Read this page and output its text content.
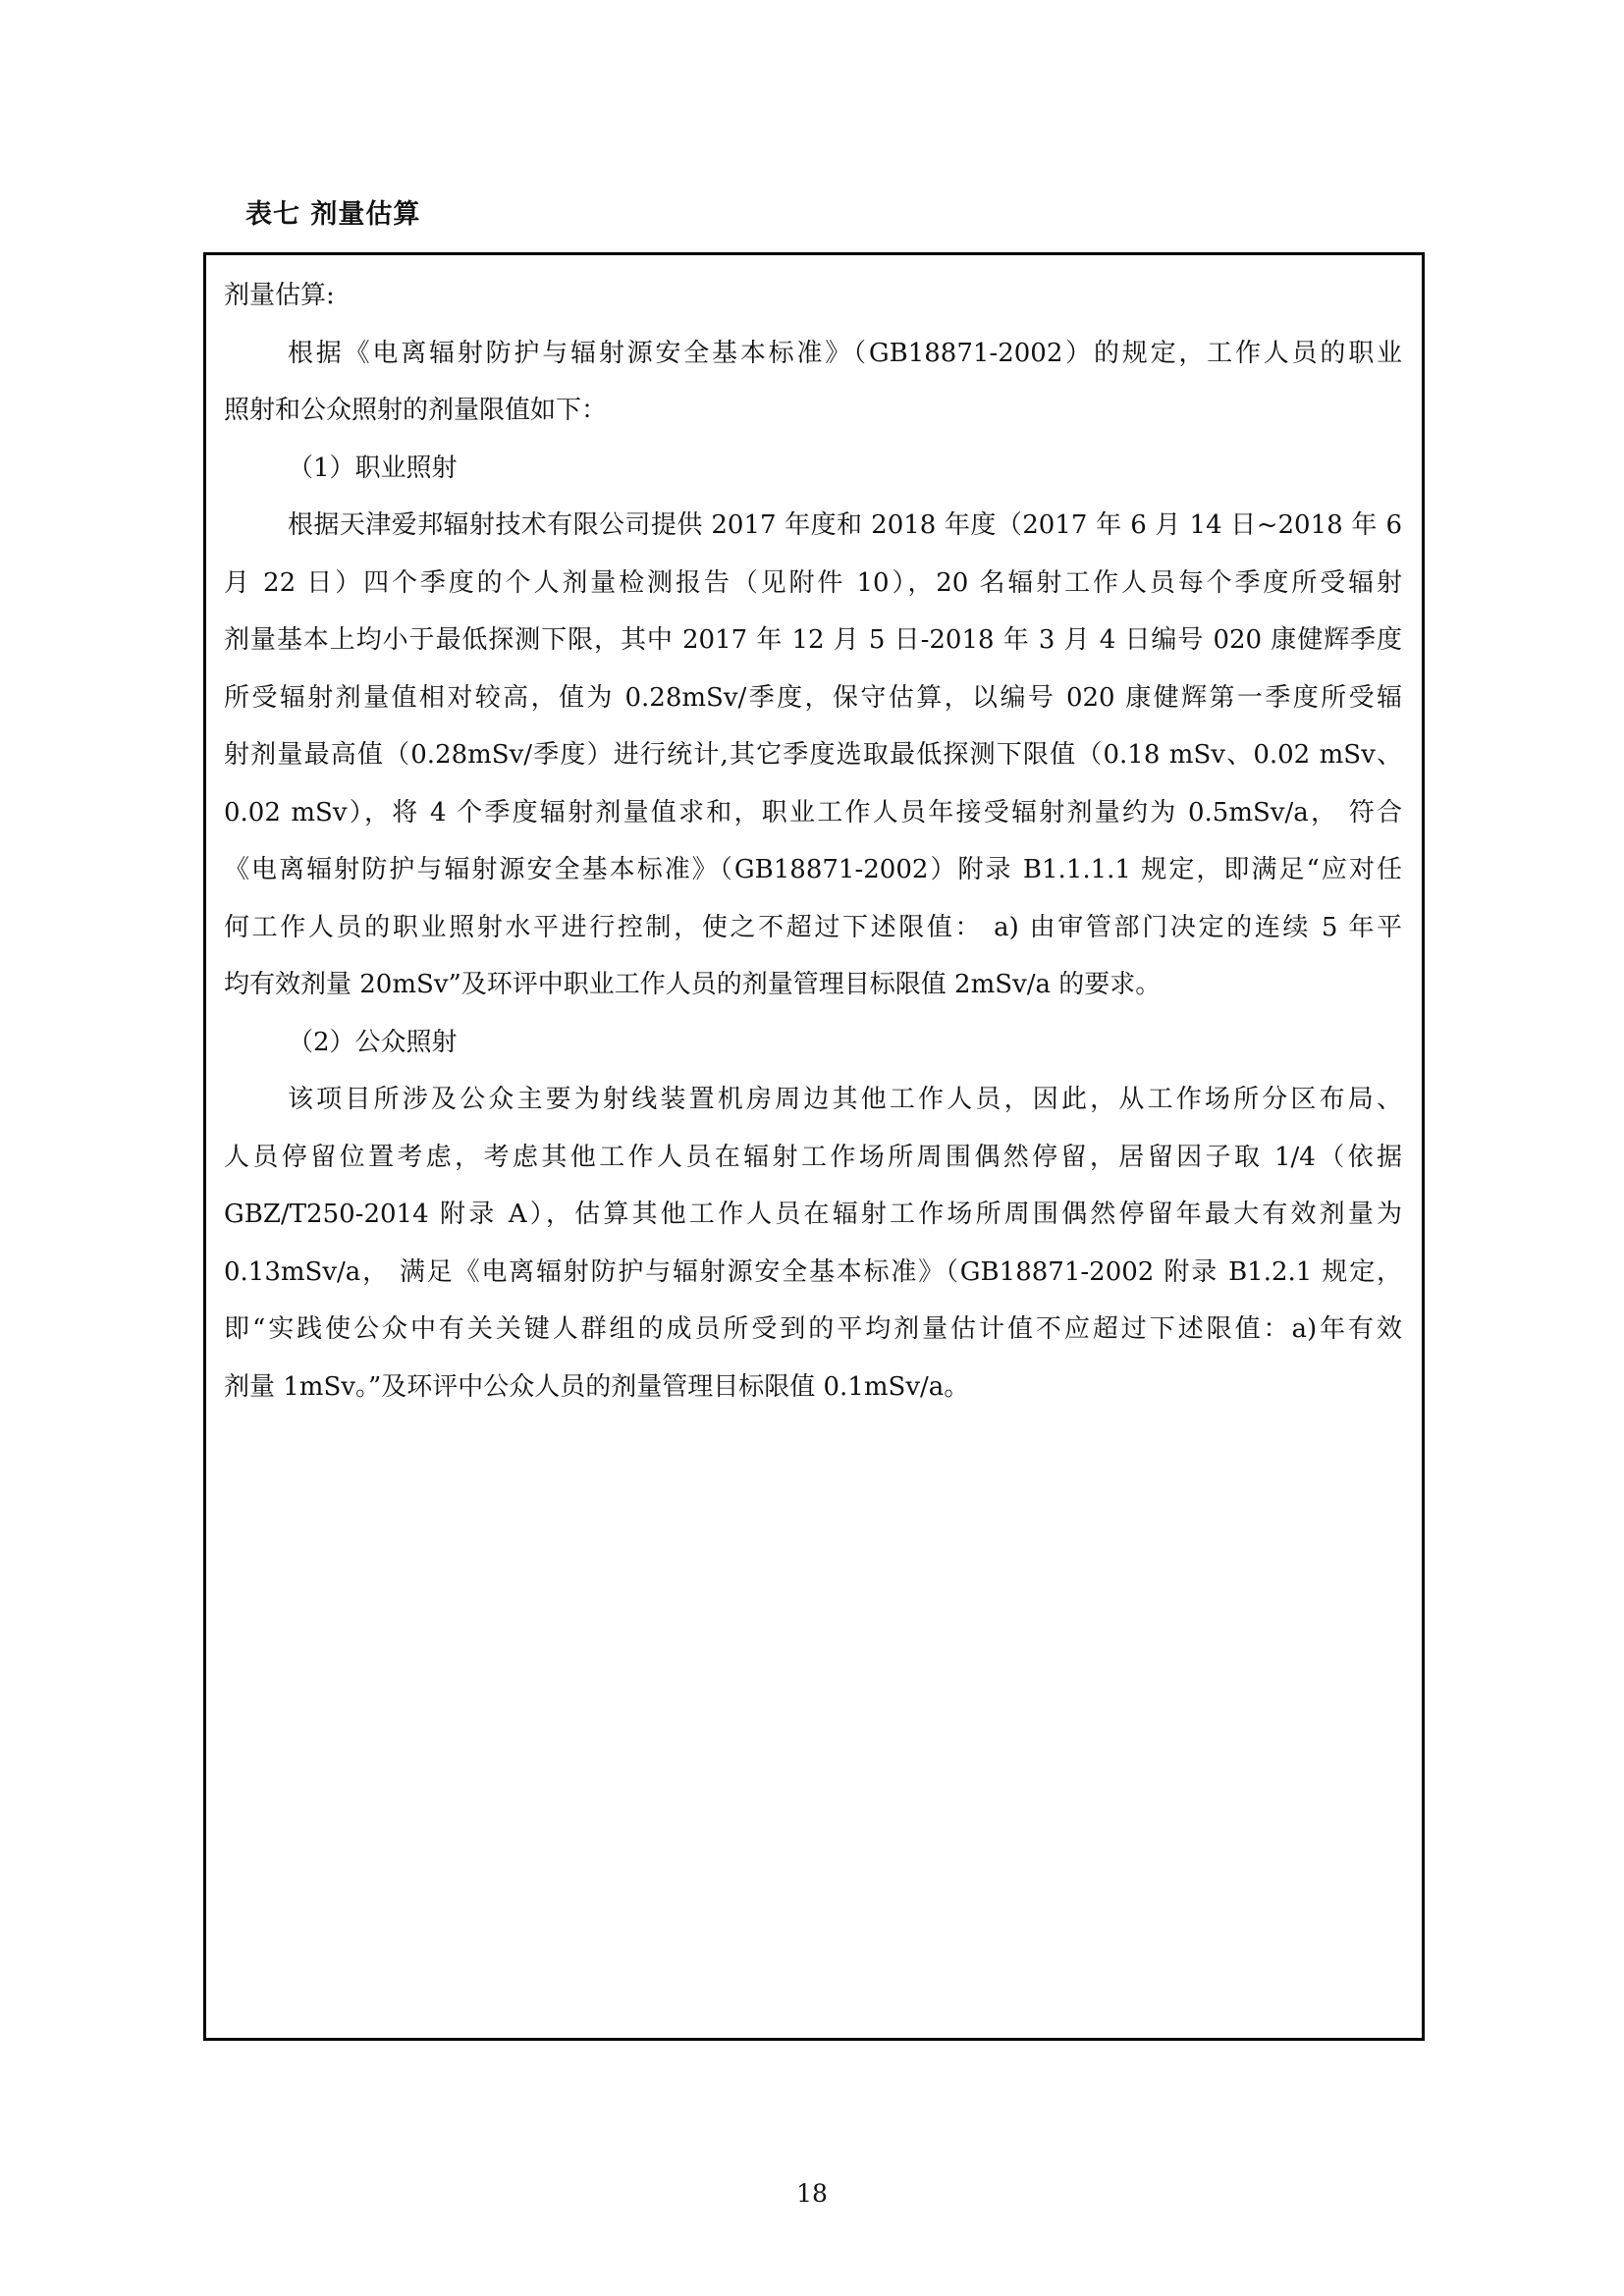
表七 剂量估算
剂量估算:
根据《电离辐射防护与辐射源安全基本标准》（GB18871-2002）的规定，工作人员的职业
照射和公众照射的剂量限值如下：
（1）职业照射
根据天津爱邦辐射技术有限公司提供 2017 年度和 2018 年度（2017 年 6 月 14 日~2018 年 6
月 22 日）四个季度的个人剂量检测报告（见附件 10），20 名辐射工作人员每个季度所受辐射
剂量基本上均小于最低探测下限，其中 2017 年 12 月 5 日-2018 年 3 月 4 日编号 020 康健辉季度
所受辐射剂量值相对较高，值为 0.28mSv/季度，保守估算，以编号 020 康健辉第一季度所受辐
射剂量最高值（0.28mSv/季度）进行统计,其它季度选取最低探测下限值（0.18 mSv、0.02 mSv、
0.02 mSv），将 4 个季度辐射剂量值求和，职业工作人员年接受辐射剂量约为 0.5mSv/a， 符合
《电离辐射防护与辐射源安全基本标准》（GB18871-2002）附录 B1.1.1.1 规定，即满足“应对任
何工作人员的职业照射水平进行控制，使之不超过下述限值： a) 由审管部门决定的连续 5 年平
均有效剂量 20mSv”及环评中职业工作人员的剂量管理目标限值 2mSv/a 的要求。
（2）公众照射
该项目所涉及公众主要为射线装置机房周边其他工作人员，因此，从工作场所分区布局、
人员停留位置考虑，考虑其他工作人员在辐射工作场所周围偶然停留，居留因子取 1/4（依据
GBZ/T250-2014 附录 A），估算其他工作人员在辐射工作场所周围偶然停留年最大有效剂量为
0.13mSv/a， 满足《电离辐射防护与辐射源安全基本标准》（GB18871-2002 附录 B1.2.1 规定，
即“实践使公众中有关关键人群组的成员所受到的平均剂量估计值不应超过下述限值：a)年有效
剂量 1mSv。”及环评中公众人员的剂量管理目标限值 0.1mSv/a。
18
